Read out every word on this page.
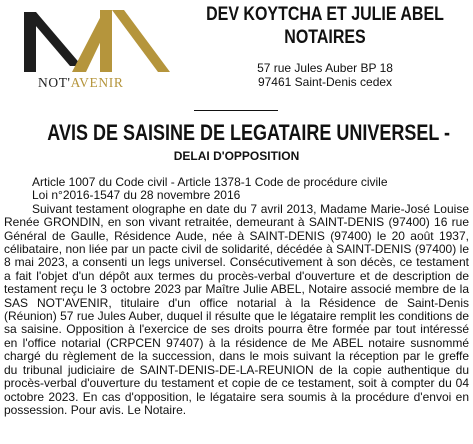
NOT'AVENIR
DEV KOYTCHA ET JULIE ABEL
NOTAIRES
57 rue Jules Auber BP 18
97461 Saint-Denis cedex
AVIS DE SAISINE DE LEGATAIRE UNIVERSEL -
DELAI D'OPPOSITION

Article 1007 du Code civil - Article 1378-1 Code de procédure civile

Loi n°2016-1547 du 28 novembre 2016

Suivant testament olographe en date du 7 avril 2013, Madame Marie-José Louise Renée GRONDIN, en son vivant retraitée, demeurant à SAINT-DENIS (97400) 16 rue Général de Gaulle, Résidence Aude, née à SAINT-DENIS (97400) le 20 août 1937, célibataire, non liée par un pacte civil de solidarité, décédée à SAINT-DENIS (97400) le 8 mai 2023, a consenti un legs universel. Consécutivement à son décès, ce testament a fait l'objet d'un dépôt aux termes du procès-verbal d'ouverture et de description de testament reçu le 3 octobre 2023 par Maître Julie ABEL, Notaire associé membre de la SAS NOT'AVENIR, titulaire d'un office notarial à la Résidence de Saint-Denis (Réunion) 57 rue Jules Auber, duquel il résulte que le légataire remplit les conditions de sa saisine. Opposition à l'exercice de ses droits pourra être formée par tout intéressé en l'office notarial (CRPCEN 97407) à la résidence de Me ABEL notaire susnommé chargé du règlement de la succession, dans le mois suivant la réception par le greffe du tribunal judiciaire de SAINT-DENIS-DE-LA-REUNION de la copie authentique du procès-verbal d'ouverture du testament et copie de ce testament, soit à compter du 04 octobre 2023. En cas d'opposition, le légataire sera soumis à la procédure d'envoi en possession. Pour avis. Le Notaire.
